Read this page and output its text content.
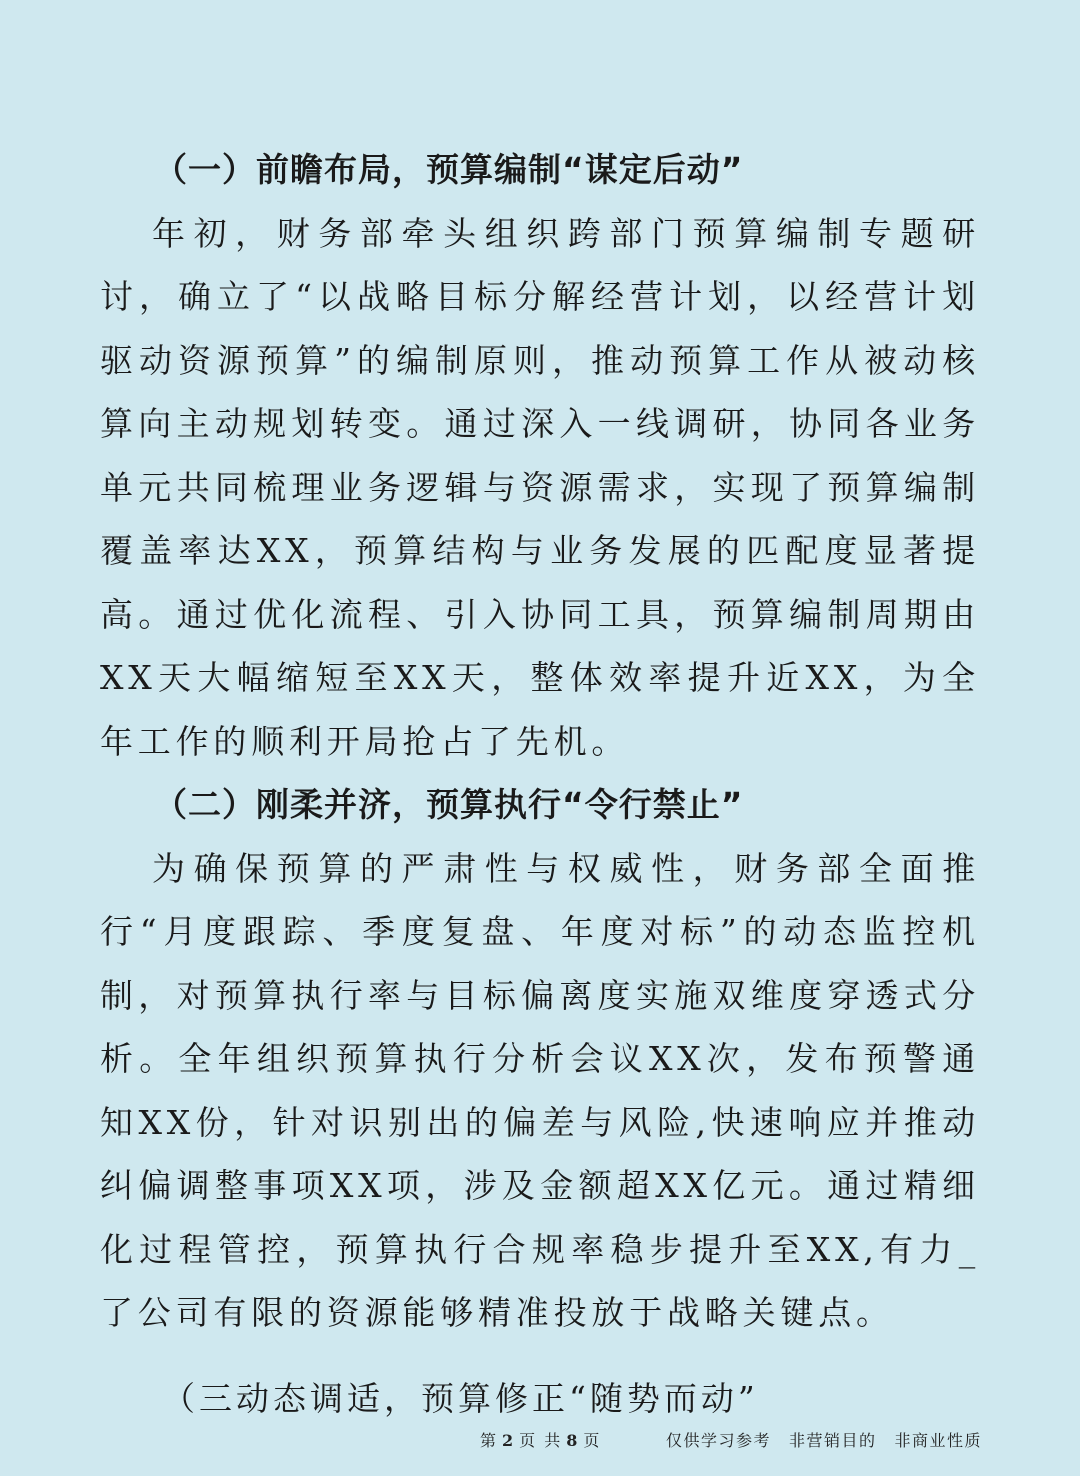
（一）前瞻布局，预算编制“谋定后动”

年初，财务部牵头组织跨部门预算编制专题研讨，确立了“以战略目标分解经营计划，以经营计划驱动资源预算”的编制原则，推动预算工作从被动核算向主动规划转变。通过深入一线调研，协同各业务单元共同梳理业务逻辑与资源需求，实现了预算编制覆盖率达XX，预算结构与业务发展的匹配度显著提高。通过优化流程、引入协同工具，预算编制周期由XX天大幅缩短至XX天，整体效率提升近XX，为全年工作的顺利开局抢占了先机。

（二）刚柔并济，预算执行“令行禁止”

为确保预算的严肃性与权威性，财务部全面推行“月度跟踪、季度复盘、年度对标”的动态监控机制，对预算执行率与目标偏离度实施双维度穿透式分析。全年组织预算执行分析会议XX次，发布预警通知XX份，针对识别出的偏差与风险,快速响应并推动纠偏调整事项XX项，涉及金额超XX亿元。通过精细化过程管控，预算执行合规率稳步提升至XX,有力_了公司有限的资源能够精准投放于战略关键点。

（三动态调适，预算修正“随势而动”

第 2 页 共 8 页	仅供学习参考 非营销目的 非商业性质
